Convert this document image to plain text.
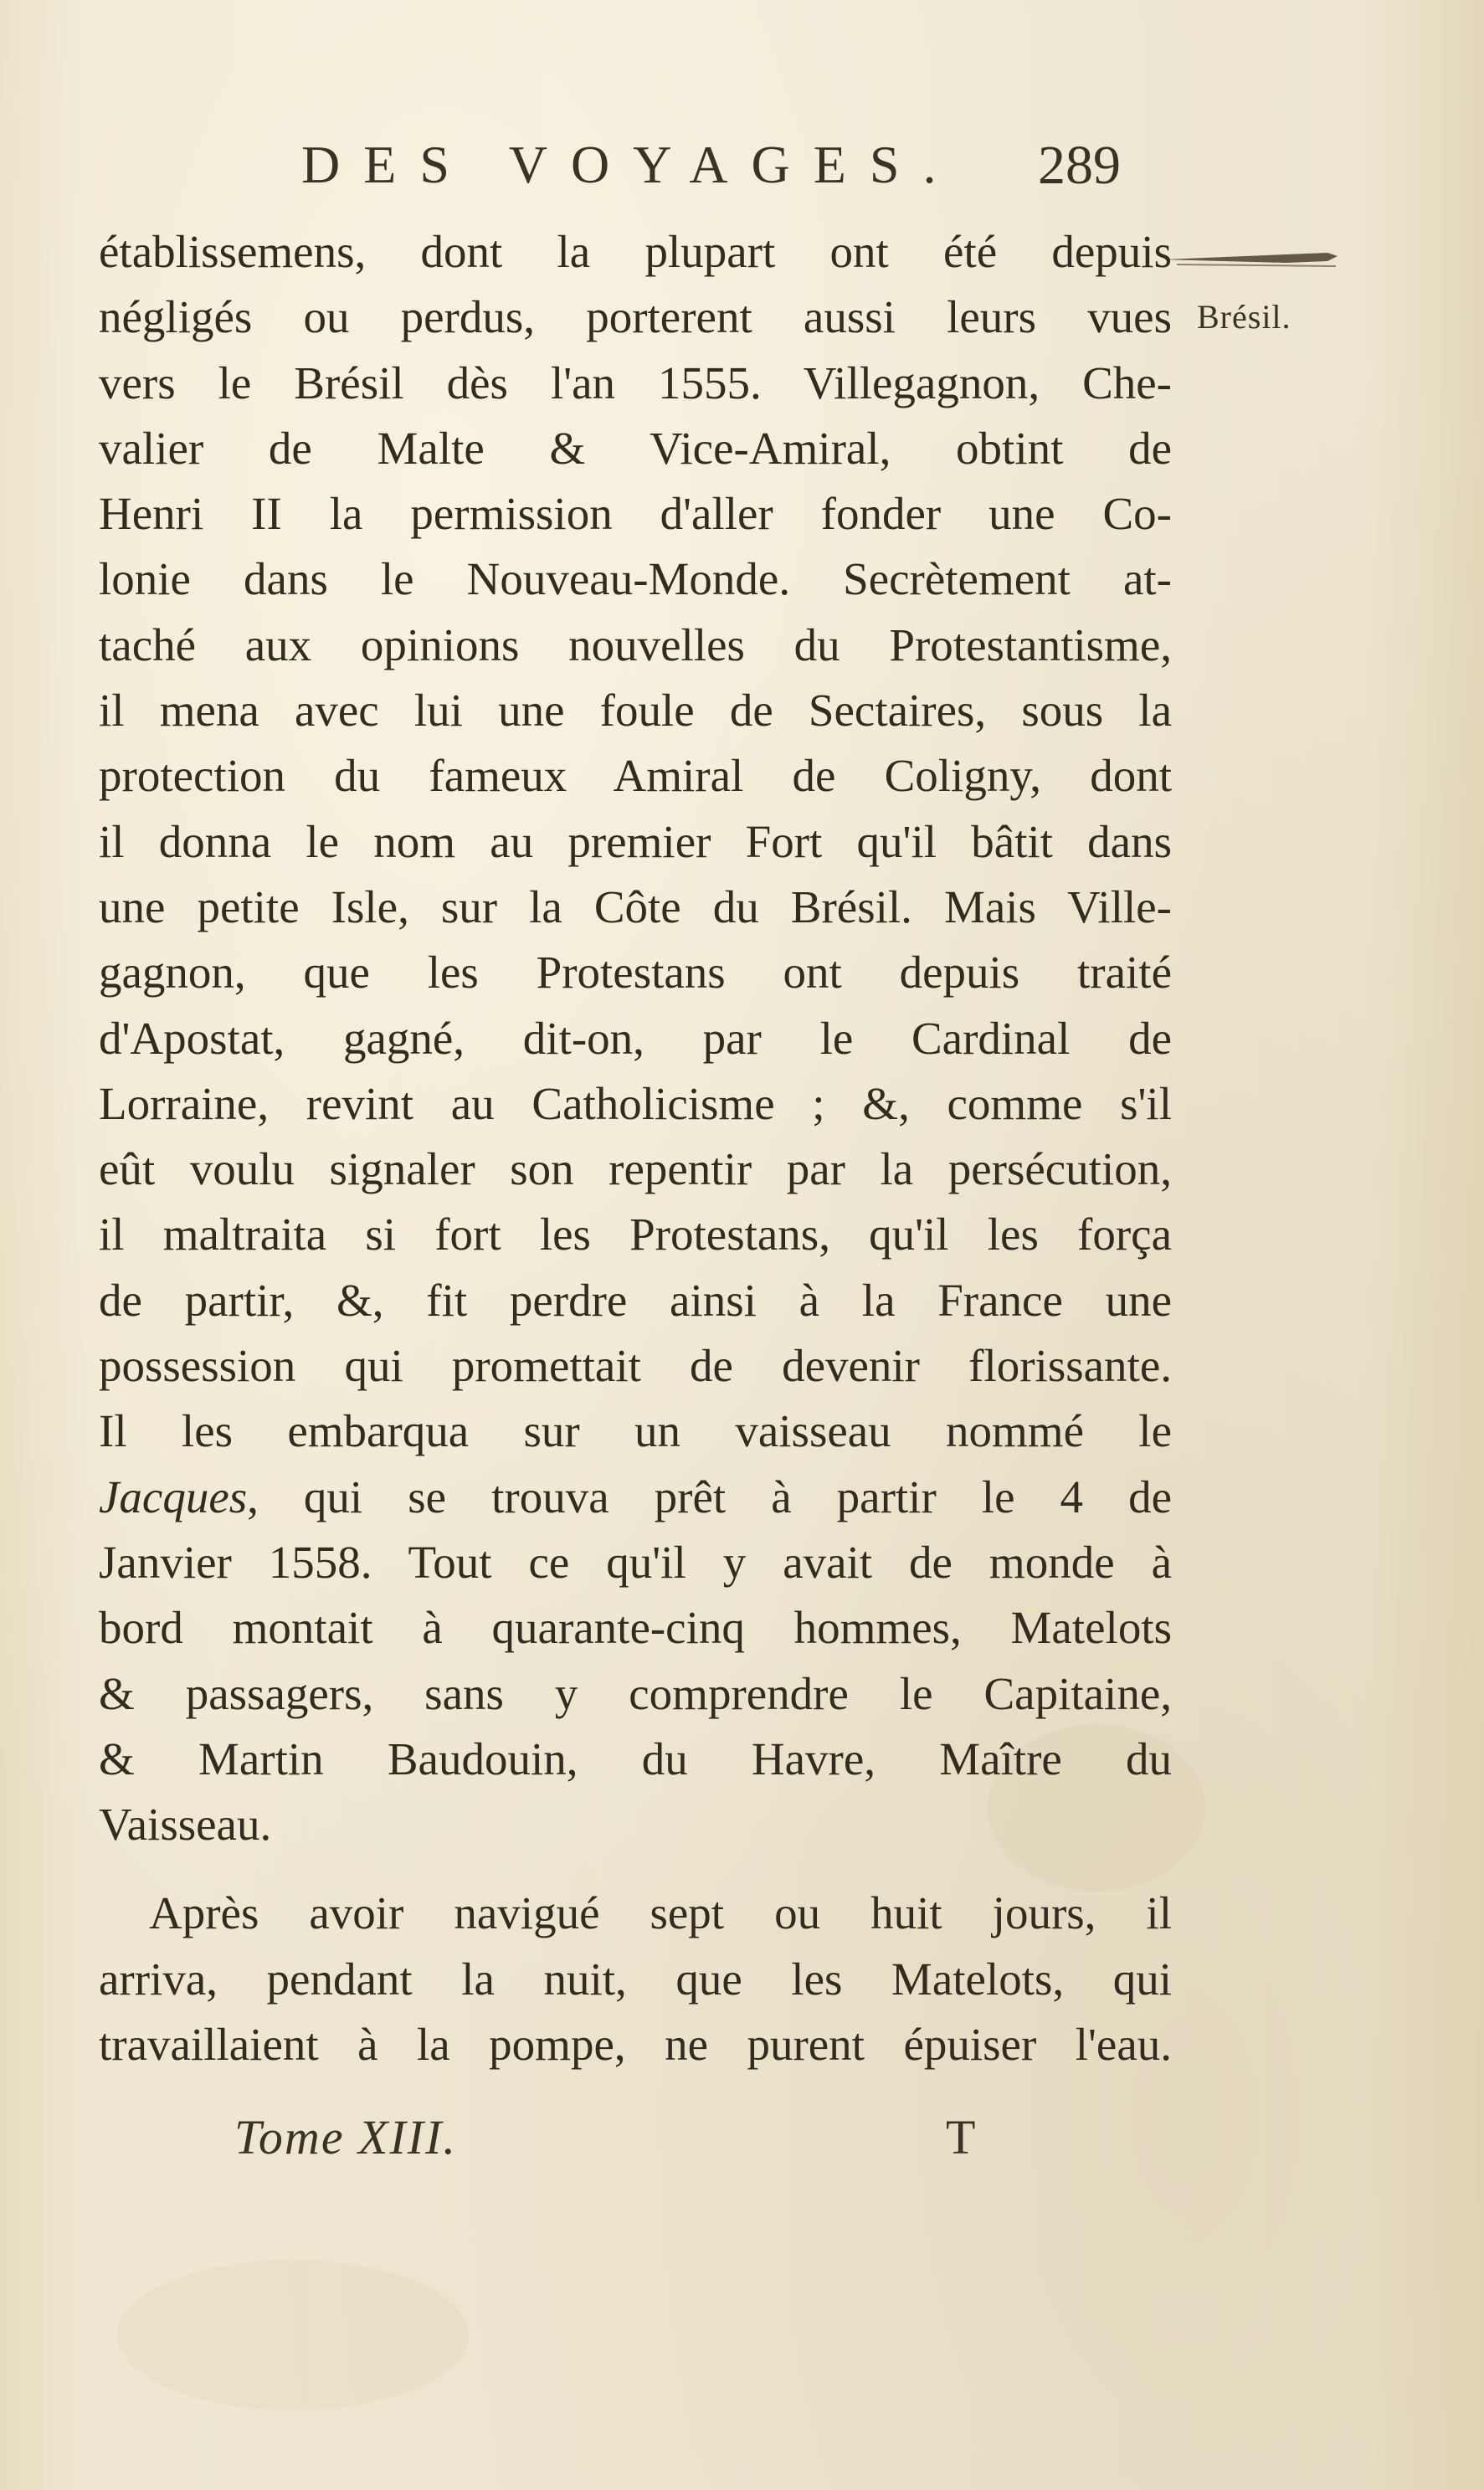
DES VOYAGES. 289
Brésil.
établissemens, dont la plupart ont été depuis
négligés ou perdus, porterent aussi leurs vues
vers le Brésil dès l'an 1555. Villegagnon, Che-
valier de Malte & Vice-Amiral, obtint de
Henri II la permission d'aller fonder une Co-
lonie dans le Nouveau-Monde. Secrètement at-
taché aux opinions nouvelles du Protestantisme,
il mena avec lui une foule de Sectaires, sous la
protection du fameux Amiral de Coligny, dont
il donna le nom au premier Fort qu'il bâtit dans
une petite Isle, sur la Côte du Brésil. Mais Ville-
gagnon, que les Protestans ont depuis traité
d'Apostat, gagné, dit-on, par le Cardinal de
Lorraine, revint au Catholicisme ; &, comme s'il
eût voulu signaler son repentir par la persécution,
il maltraita si fort les Protestans, qu'il les força
de partir, &, fit perdre ainsi à la France une
possession qui promettait de devenir florissante.
Il les embarqua sur un vaisseau nommé le
Jacques, qui se trouva prêt à partir le 4 de
Janvier 1558. Tout ce qu'il y avait de monde à
bord montait à quarante-cinq hommes, Matelots
& passagers, sans y comprendre le Capitaine,
& Martin Baudouin, du Havre, Maître du
Vaisseau.
Après avoir navigué sept ou huit jours, il
arriva, pendant la nuit, que les Matelots, qui
travaillaient à la pompe, ne purent épuiser l'eau.
Tome XIII.	T
